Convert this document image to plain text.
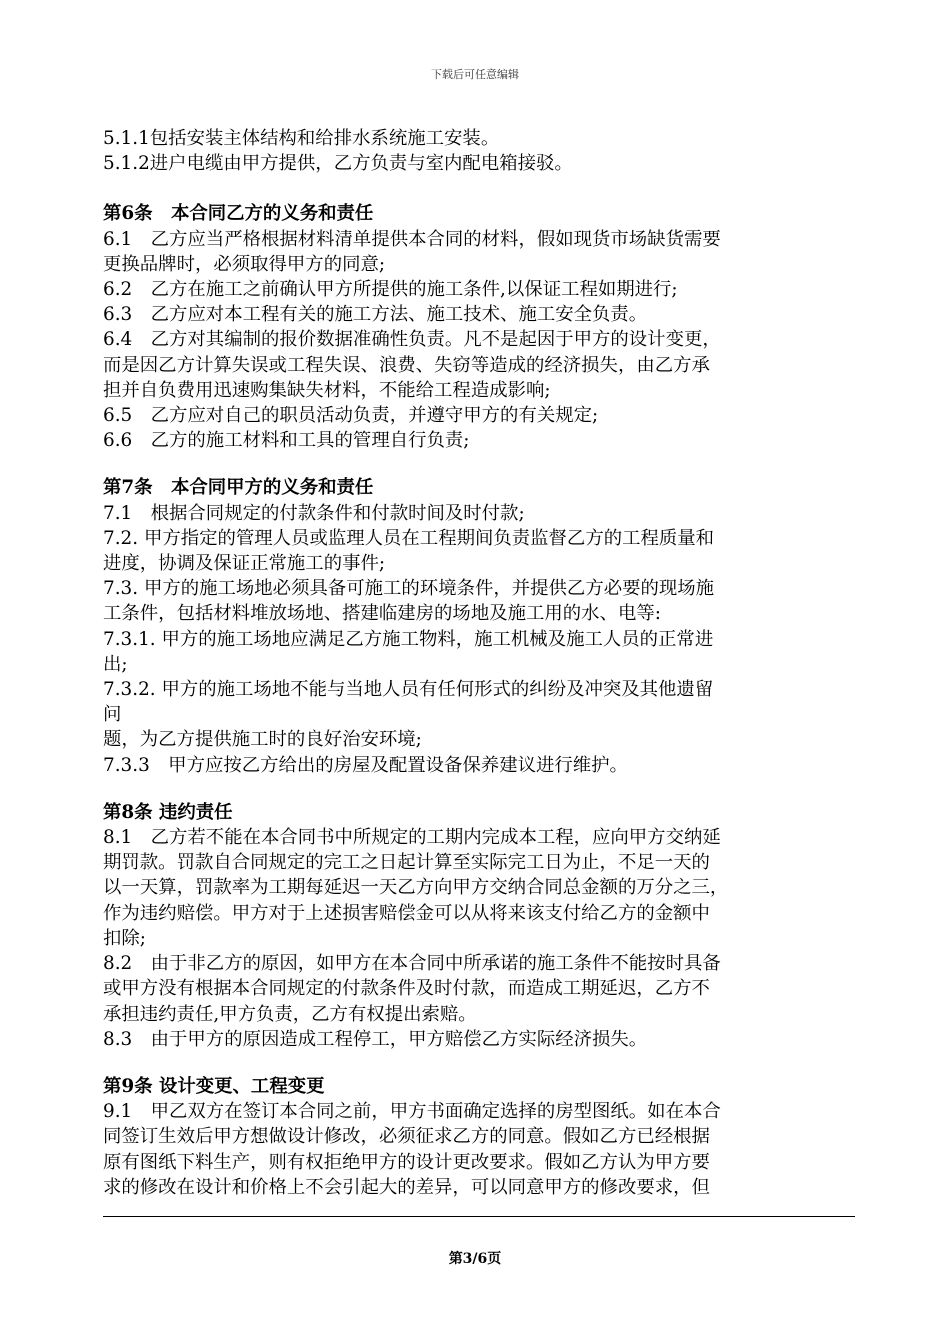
下载后可任意编辑
5.1.1包括安装主体结构和给排水系统施工安装。
5.1.2进户电缆由甲方提供，乙方负责与室内配电箱接驳。
第6条　本合同乙方的义务和责任
6.1　乙方应当严格根据材料清单提供本合同的材料，假如现货市场缺货需要
更换品牌时，必须取得甲方的同意;
6.2　乙方在施工之前确认甲方所提供的施工条件,以保证工程如期进行;
6.3　乙方应对本工程有关的施工方法、施工技术、施工安全负责。
6.4　乙方对其编制的报价数据准确性负责。凡不是起因于甲方的设计变更，
而是因乙方计算失误或工程失误、浪费、失窃等造成的经济损失，由乙方承
担并自负费用迅速购集缺失材料，不能给工程造成影响;
6.5　乙方应对自己的职员活动负责，并遵守甲方的有关规定;
6.6　乙方的施工材料和工具的管理自行负责;
第7条　本合同甲方的义务和责任
7.1　根据合同规定的付款条件和付款时间及时付款;
7.2. 甲方指定的管理人员或监理人员在工程期间负责监督乙方的工程质量和
进度，协调及保证正常施工的事件;
7.3. 甲方的施工场地必须具备可施工的环境条件，并提供乙方必要的现场施
工条件，包括材料堆放场地、搭建临建房的场地及施工用的水、电等:
7.3.1. 甲方的施工场地应满足乙方施工物料，施工机械及施工人员的正常进
出;
7.3.2. 甲方的施工场地不能与当地人员有任何形式的纠纷及冲突及其他遗留
问
题，为乙方提供施工时的良好治安环境;
7.3.3　甲方应按乙方给出的房屋及配置设备保养建议进行维护。
第8条 违约责任
8.1　乙方若不能在本合同书中所规定的工期内完成本工程，应向甲方交纳延
期罚款。罚款自合同规定的完工之日起计算至实际完工日为止，不足一天的
以一天算，罚款率为工期每延迟一天乙方向甲方交纳合同总金额的万分之三，
作为违约赔偿。甲方对于上述损害赔偿金可以从将来该支付给乙方的金额中
扣除;
8.2　由于非乙方的原因，如甲方在本合同中所承诺的施工条件不能按时具备
或甲方没有根据本合同规定的付款条件及时付款，而造成工期延迟，乙方不
承担违约责任,甲方负责，乙方有权提出索赔。
8.3　由于甲方的原因造成工程停工，甲方赔偿乙方实际经济损失。
第9条 设计变更、工程变更
9.1　甲乙双方在签订本合同之前，甲方书面确定选择的房型图纸。如在本合
同签订生效后甲方想做设计修改，必须征求乙方的同意。假如乙方已经根据
原有图纸下料生产，则有权拒绝甲方的设计更改要求。假如乙方认为甲方要
求的修改在设计和价格上不会引起大的差异，可以同意甲方的修改要求，但
第3/6页
